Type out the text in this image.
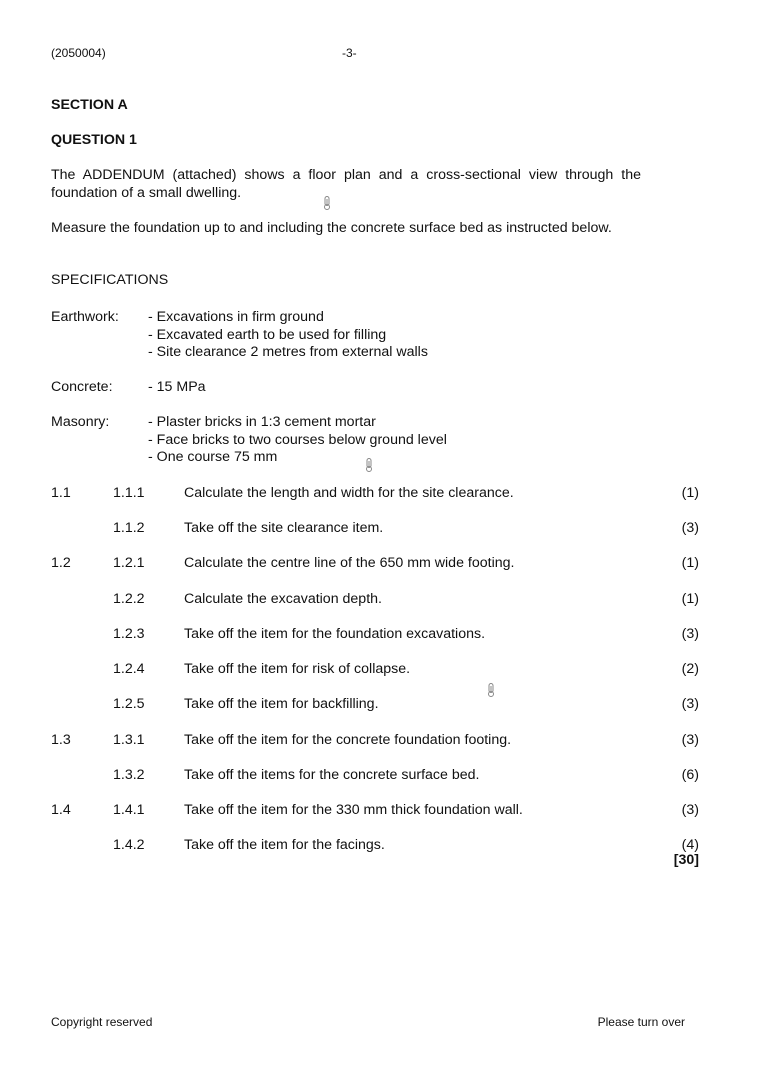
(2050004)	-3-
SECTION A
QUESTION 1
The ADDENDUM (attached) shows a floor plan and a cross-sectional view through the foundation of a small dwelling.
Measure the foundation up to and including the concrete surface bed as instructed below.
SPECIFICATIONS
Earthwork: - Excavations in firm ground
- Excavated earth to be used for filling
- Site clearance 2 metres from external walls
Concrete: - 15 MPa
Masonry:	- Plaster bricks in 1:3 cement mortar
- Face bricks to two courses below ground level
- One course 75 mm
1.1	1.1.1	Calculate the length and width for the site clearance.	(1)
1.1.2	Take off the site clearance item.	(3)
1.2	1.2.1	Calculate the centre line of the 650 mm wide footing.	(1)
1.2.2	Calculate the excavation depth.	(1)
1.2.3	Take off the item for the foundation excavations.	(3)
1.2.4	Take off the item for risk of collapse.	(2)
1.2.5	Take off the item for backfilling.	(3)
1.3	1.3.1	Take off the item for the concrete foundation footing.	(3)
1.3.2	Take off the items for the concrete surface bed.	(6)
1.4	1.4.1	Take off the item for the 330 mm thick foundation wall.	(3)
1.4.2	Take off the item for the facings.	(4)
[30]
Copyright reserved	Please turn over
